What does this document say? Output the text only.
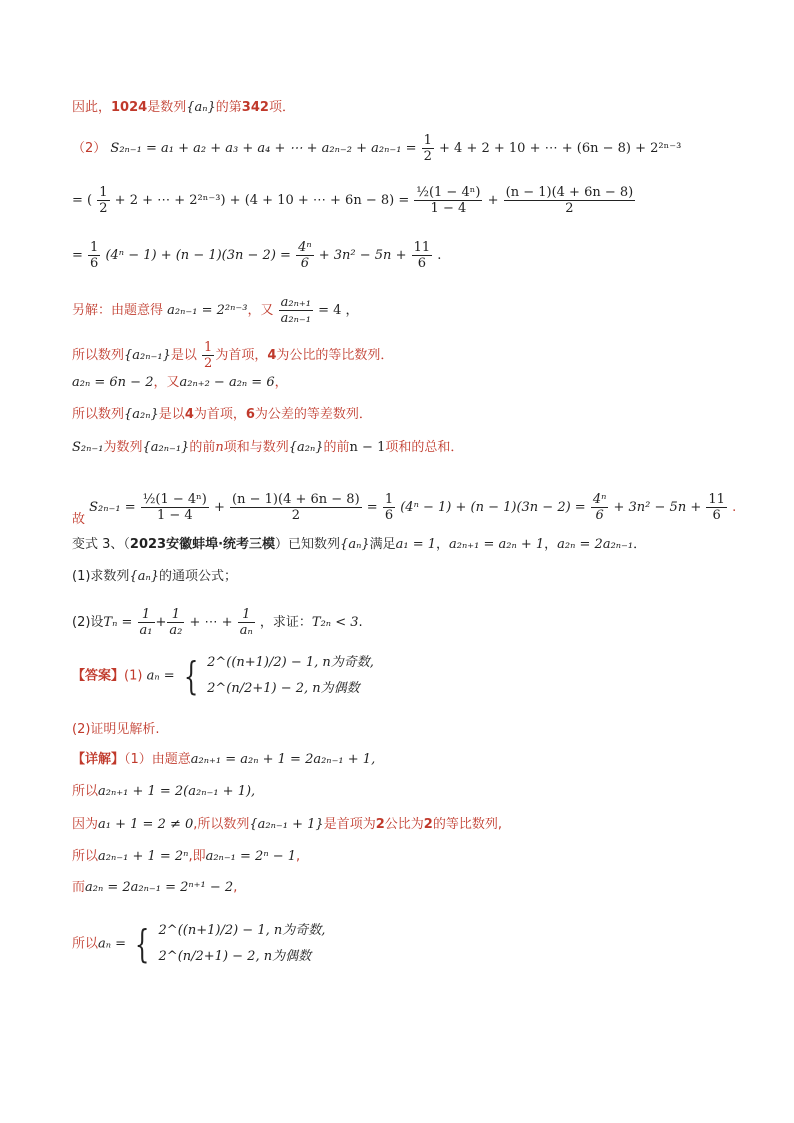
因此，1024是数列{aₙ}的第342项．
（2） S₂ₙ₋₁ = a₁ + a₂ + a₃ + a₄ + ⋯ + $a_{2n-2} + a_{2n-1} = \frac{1}{2} + 4 + 2 + 10$ + ⋯ + (6n − 8) + 2²ⁿ⁻³
= ( $\frac{1}{2} + 2$ + ⋯ + 2²ⁿ⁻³) + (4 + 10 + ⋯ + $6n - 8) = \frac{\text{½(1 − 4ⁿ)}}{1 - 4} + \frac{(n - 1)(4 + 6n - 8)}{2}$
= $\frac{1}{6} (4^n - 1) + (n - 1)(3n - 2) = \frac{\text{4ⁿ}}{6} + 3n^2 - 5n + \frac{11}{6}$ .
另解：由题意得 a₂ₙ₋₁ = 2²ⁿ⁻³，又 $\frac{\text{a₂ₙ₊₁}}{\text{a₂ₙ₋₁}} = 4$ ，
所以数列{a₂ₙ₋₁}是以 $\frac{1}{2}$ 为首项，4为公比的等比数列．
a₂ₙ = 6n − 2，又a₂ₙ₊₂ − a₂ₙ = 6，
所以数列{a₂ₙ}是以4为首项，6为公差的等差数列．
S₂ₙ₋₁为数列{a₂ₙ₋₁}的前n项和与数列{a₂ₙ}的前n − 1项和的总和．
故 $S_{2n-1} = \frac{\text{½(1 − 4ⁿ)}}{1 - 4} + \frac{(n - 1)(4 + 6n - 8)}{2} = \frac{1}{6} (4^n - 1) + (n - 1)(3n - 2) = \frac{\text{4ⁿ}}{6} + 3n^2 - 5n + \frac{11}{6}$ .
变式 3、（2023安徽蚌埠·统考三模）已知数列{aₙ}满足a₁ = 1，a₂ₙ₊₁ = a₂ₙ + 1，a₂ₙ = 2a₂ₙ₋₁．
(1)求数列{aₙ}的通项公式；
(2)设$T_n = \frac{1}{\text{a₁}} + \frac{1}{\text{a₂}}$ + ⋯ + $\frac{1}{\text{aₙ}}$ ，求证：T₂ₙ < 3.
【答案】(1) aₙ = { 2^((n+1)/2) − 1, n为奇数,
2^(n/2+1) − 2, n为偶数
(2)证明见解析.
【详解】（1）由题意a₂ₙ₊₁ = a₂ₙ + 1 = 2a₂ₙ₋₁ + 1,
所以a₂ₙ₊₁ + 1 = 2(a₂ₙ₋₁ + 1),
因为a₁ + 1 = 2 ≠ 0,所以数列{a₂ₙ₋₁ + 1}是首项为2公比为2的等比数列,
所以a₂ₙ₋₁ + 1 = 2ⁿ,即a₂ₙ₋₁ = 2ⁿ − 1,
而a₂ₙ = 2a₂ₙ₋₁ = 2ⁿ⁺¹ − 2,
所以aₙ = { 2^((n+1)/2) − 1, n为奇数,
2^(n/2+1) − 2, n为偶数
